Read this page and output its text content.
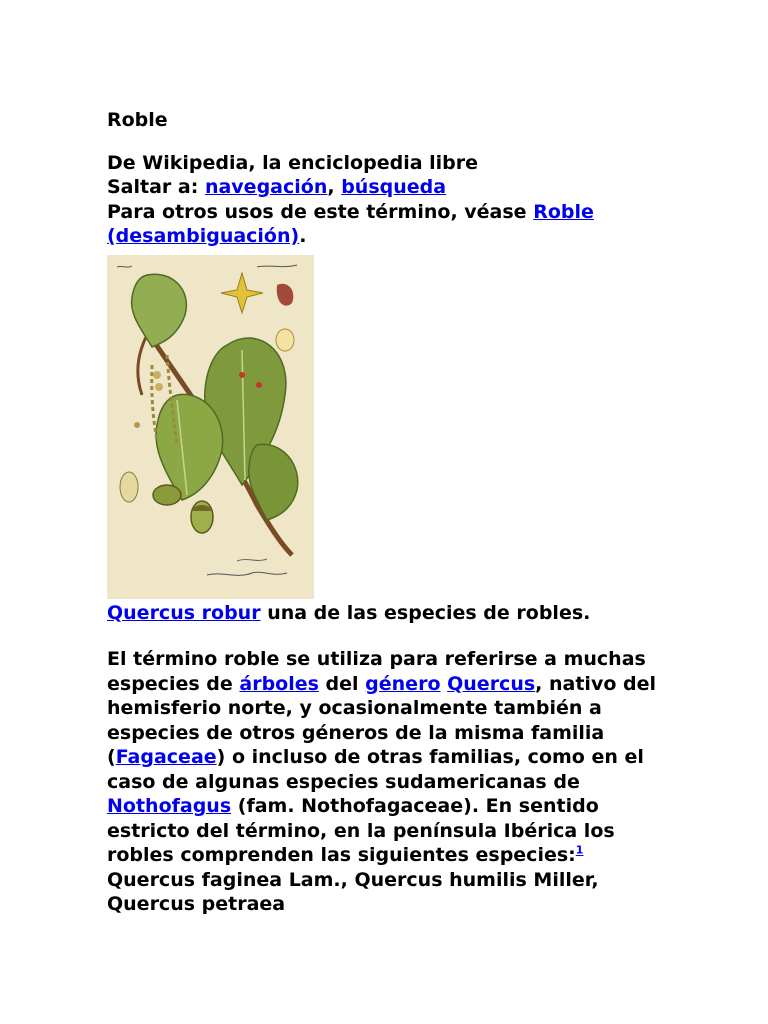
Roble
De Wikipedia, la enciclopedia libre
Saltar a: navegación, búsqueda
Para otros usos de este término, véase Roble (desambiguación).
Quercus robur una de las especies de robles.

El término roble se utiliza para referirse a muchas especies de árboles del género Quercus, nativo del hemisferio norte, y ocasionalmente también a especies de otros géneros de la misma familia (Fagaceae) o incluso de otras familias, como en el caso de algunas especies sudamericanas de Nothofagus (fam. Nothofagaceae). En sentido estricto del término, en la península Ibérica los robles comprenden las siguientes especies:$^1$ Quercus faginea Lam., Quercus humilis Miller, Quercus petraea
